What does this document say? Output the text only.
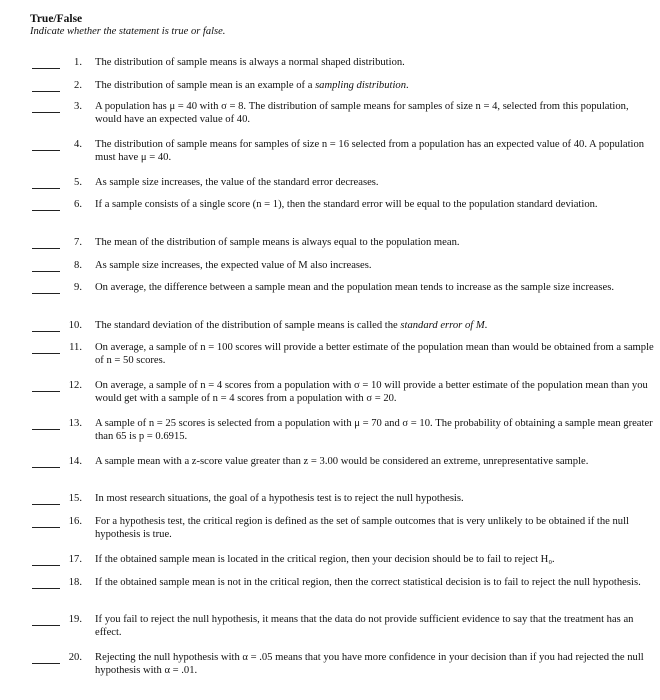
True/False
Indicate whether the statement is true or false.
1. The distribution of sample means is always a normal shaped distribution.
2. The distribution of sample mean is an example of a sampling distribution.
3. A population has μ = 40 with σ = 8. The distribution of sample means for samples of size n = 4, selected from this population, would have an expected value of 40.
4. The distribution of sample means for samples of size n = 16 selected from a population has an expected value of 40. A population must have μ = 40.
5. As sample size increases, the value of the standard error decreases.
6. If a sample consists of a single score (n = 1), then the standard error will be equal to the population standard deviation.
7. The mean of the distribution of sample means is always equal to the population mean.
8. As sample size increases, the expected value of M also increases.
9. On average, the difference between a sample mean and the population mean tends to increase as the sample size increases.
10. The standard deviation of the distribution of sample means is called the standard error of M.
11. On average, a sample of n = 100 scores will provide a better estimate of the population mean than would be obtained from a sample of n = 50 scores.
12. On average, a sample of n = 4 scores from a population with σ = 10 will provide a better estimate of the population mean than you would get with a sample of n = 4 scores from a population with σ = 20.
13. A sample of n = 25 scores is selected from a population with μ = 70 and σ = 10. The probability of obtaining a sample mean greater than 65 is p = 0.6915.
14. A sample mean with a z-score value greater than z = 3.00 would be considered an extreme, unrepresentative sample.
15. In most research situations, the goal of a hypothesis test is to reject the null hypothesis.
16. For a hypothesis test, the critical region is defined as the set of sample outcomes that is very unlikely to be obtained if the null hypothesis is true.
17. If the obtained sample mean is located in the critical region, then your decision should be to fail to reject H₀.
18. If the obtained sample mean is not in the critical region, then the correct statistical decision is to fail to reject the null hypothesis.
19. If you fail to reject the null hypothesis, it means that the data do not provide sufficient evidence to say that the treatment has an effect.
20. Rejecting the null hypothesis with α = .05 means that you have more confidence in your decision than if you had rejected the null hypothesis with α = .01.
